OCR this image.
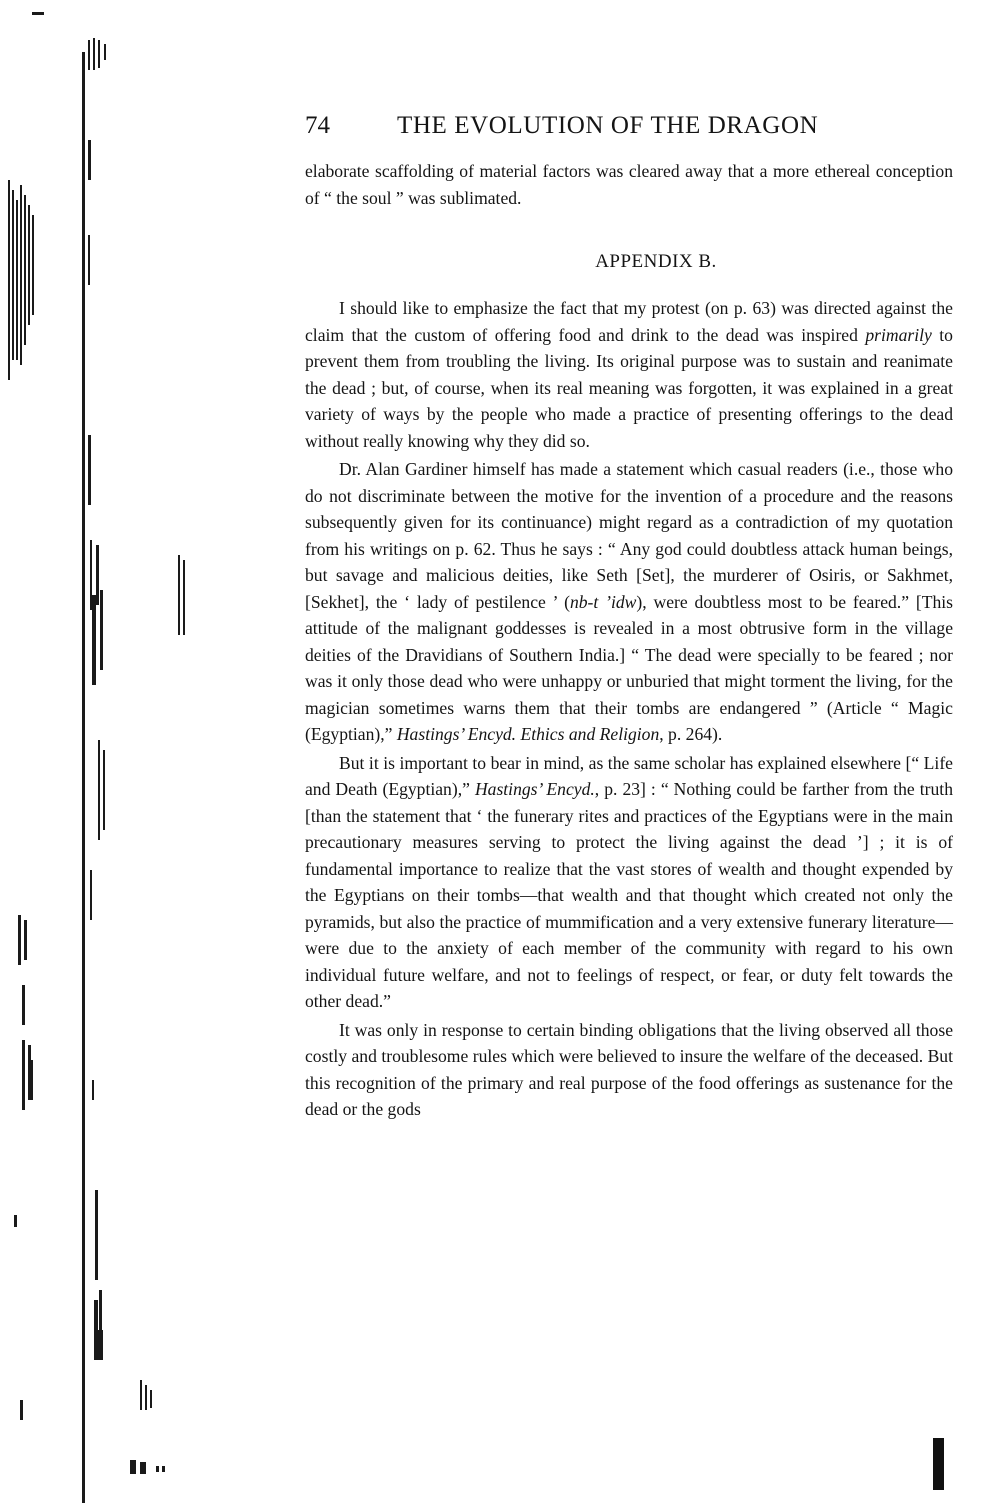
74	THE EVOLUTION OF THE DRAGON

elaborate scaffolding of material factors was cleared away that a more ethereal conception of “ the soul ” was sublimated.

APPENDIX B.

I should like to emphasize the fact that my protest (on p. 63) was directed against the claim that the custom of offering food and drink to the dead was inspired primarily to prevent them from troubling the living. Its original purpose was to sustain and reanimate the dead ; but, of course, when its real meaning was forgotten, it was explained in a great variety of ways by the people who made a practice of presenting offerings to the dead without really knowing why they did so.

Dr. Alan Gardiner himself has made a statement which casual readers (i.e., those who do not discriminate between the motive for the invention of a procedure and the reasons subsequently given for its continuance) might regard as a contradiction of my quotation from his writings on p. 62. Thus he says : “ Any god could doubtless attack human beings, but savage and malicious deities, like Seth [Set], the murderer of Osiris, or Sakhmet, [Sekhet], the ‘ lady of pestilence ’ (nb-t ’idw), were doubtless most to be feared.” [This attitude of the malignant goddesses is revealed in a most obtrusive form in the village deities of the Dravidians of Southern India.] “ The dead were specially to be feared ; nor was it only those dead who were unhappy or unburied that might torment the living, for the magician sometimes warns them that their tombs are endangered ” (Article “ Magic (Egyptian),” Hastings’ Encyd. Ethics and Religion, p. 264).

But it is important to bear in mind, as the same scholar has explained elsewhere [“ Life and Death (Egyptian),” Hastings’ Encyd., p. 23] : “ Nothing could be farther from the truth [than the statement that ‘ the funerary rites and practices of the Egyptians were in the main precautionary measures serving to protect the living against the dead ’] ; it is of fundamental importance to realize that the vast stores of wealth and thought expended by the Egyptians on their tombs—that wealth and that thought which created not only the pyramids, but also the practice of mummification and a very extensive funerary literature—were due to the anxiety of each member of the community with regard to his own individual future welfare, and not to feelings of respect, or fear, or duty felt towards the other dead.”

It was only in response to certain binding obligations that the living observed all those costly and troublesome rules which were believed to insure the welfare of the deceased. But this recognition of the primary and real purpose of the food offerings as sustenance for the dead or the gods
